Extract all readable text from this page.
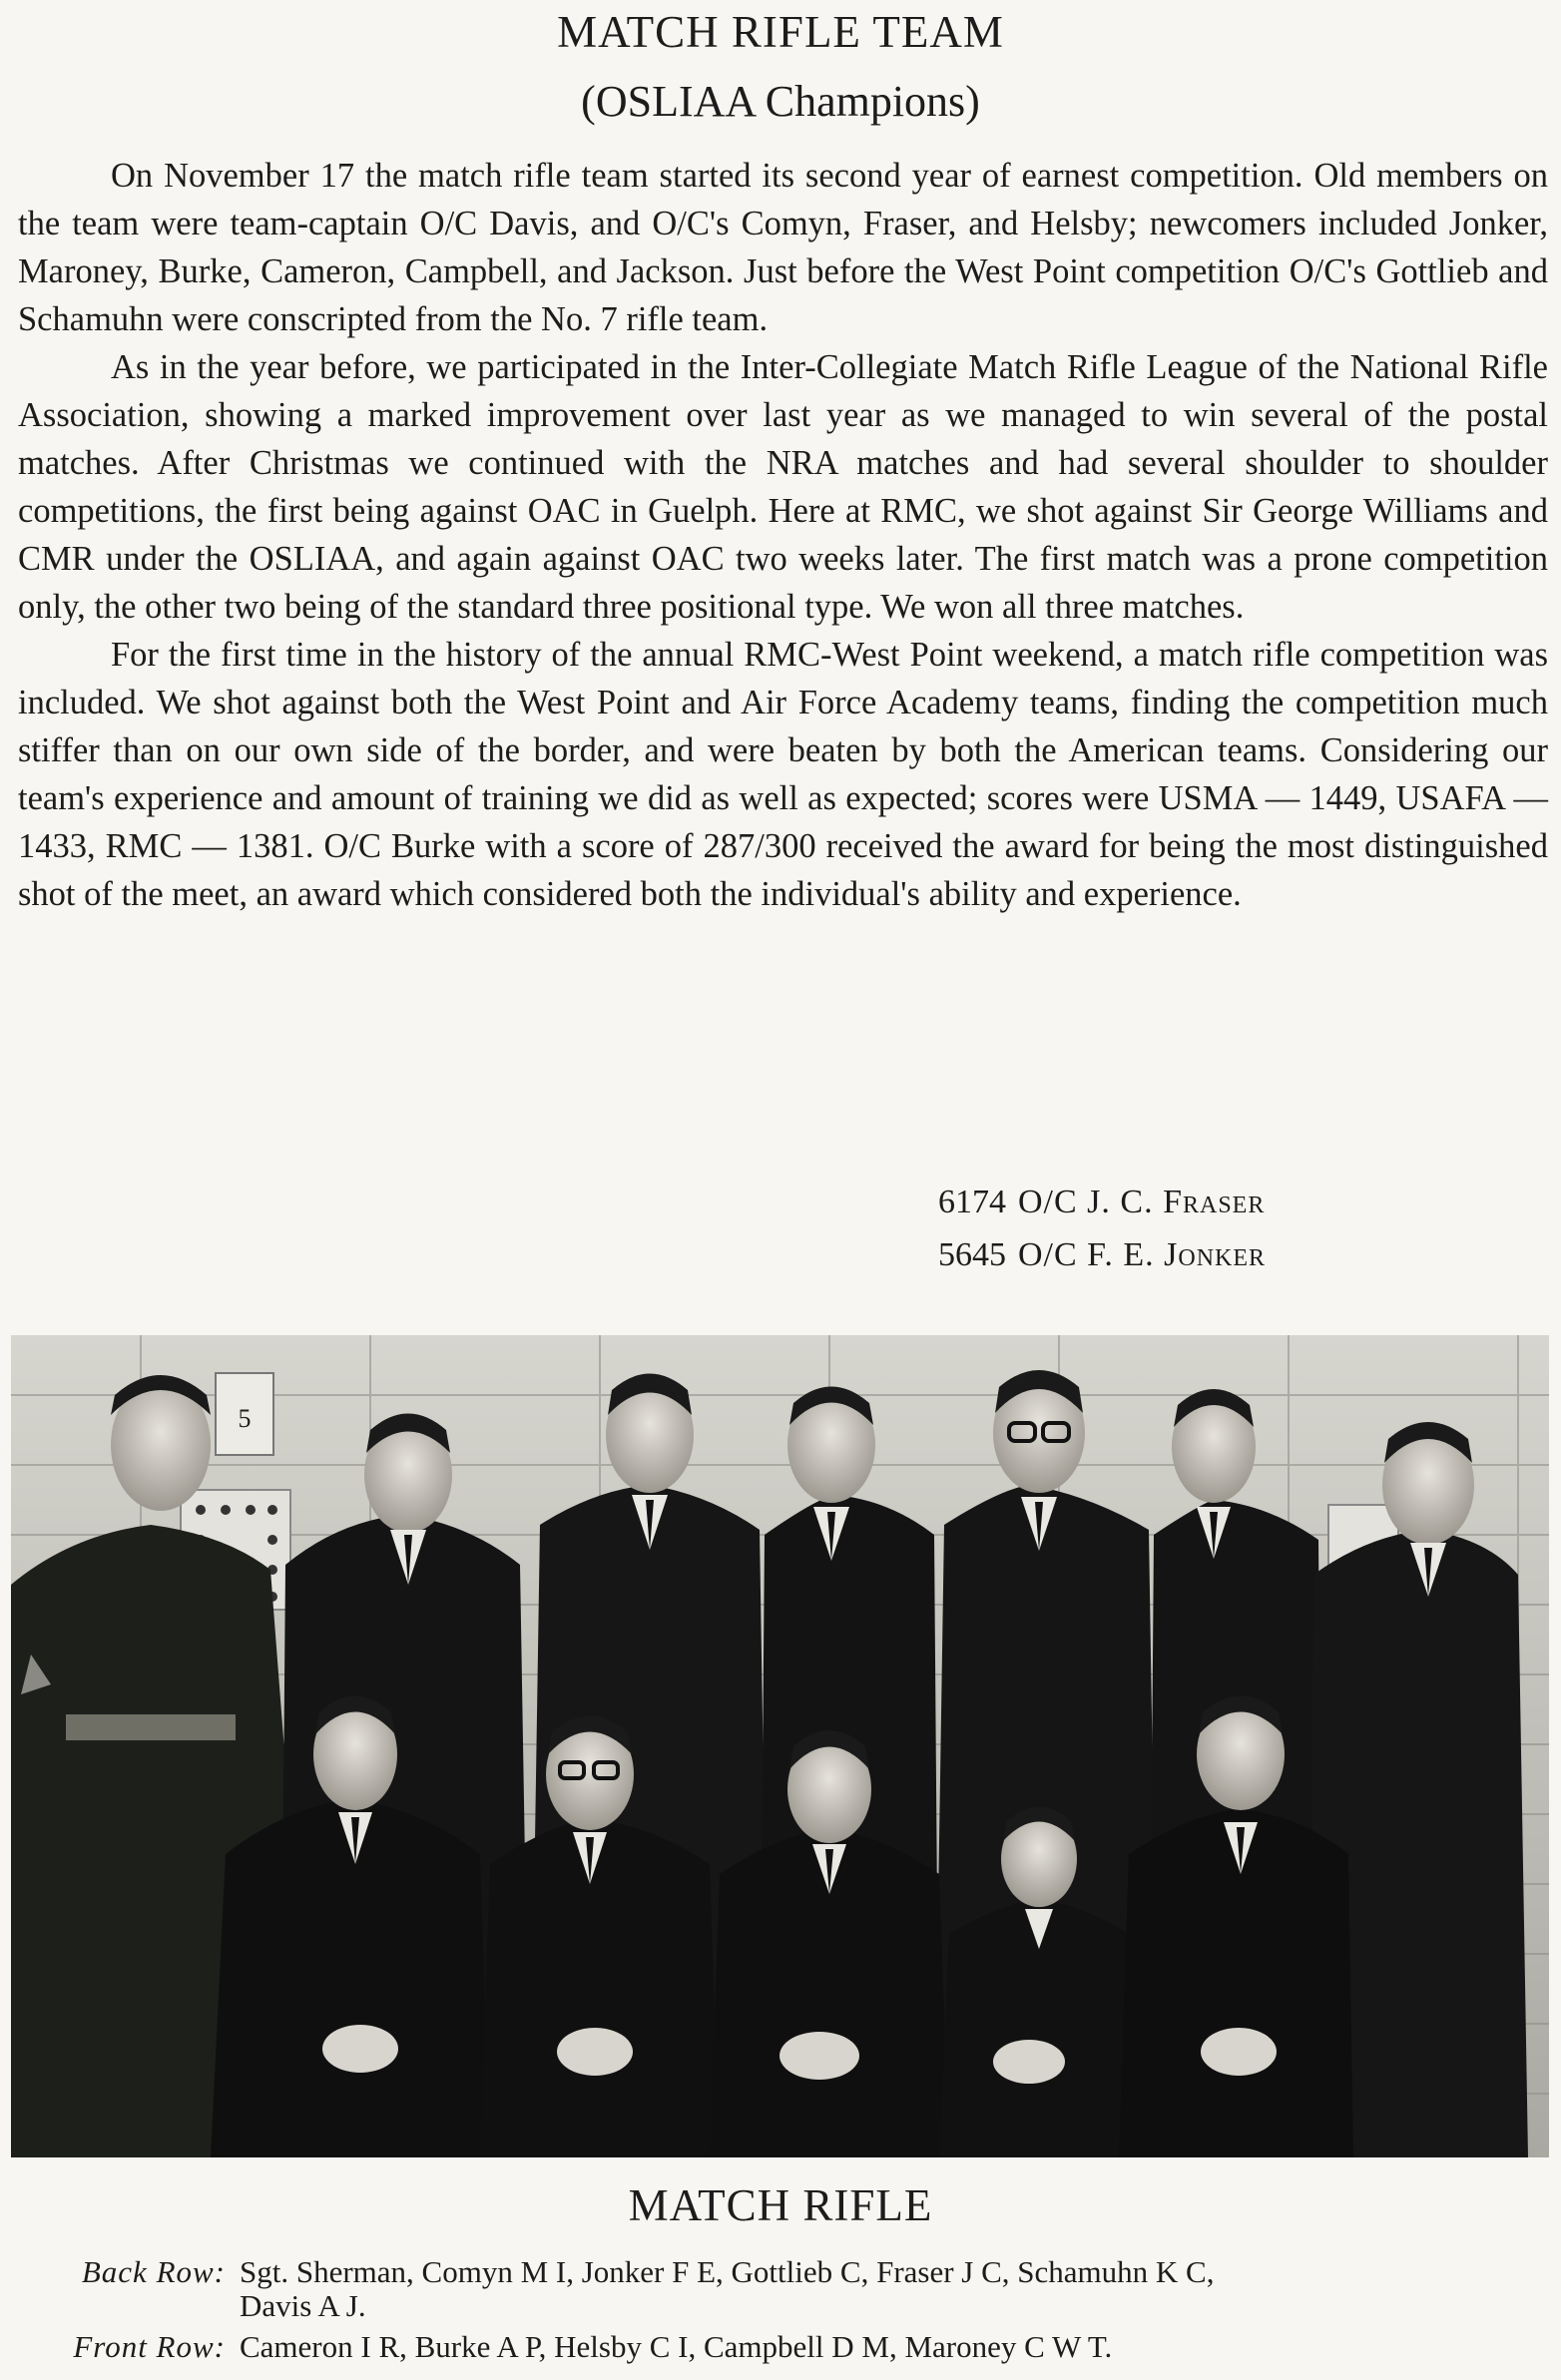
MATCH RIFLE TEAM
(OSLIAA Champions)

On November 17 the match rifle team started its second year of earnest competition. Old members on the team were team-captain O/C Davis, and O/C's Comyn, Fraser, and Helsby; newcomers included Jonker, Maroney, Burke, Cameron, Campbell, and Jackson. Just before the West Point competition O/C's Gottlieb and Schamuhn were conscripted from the No. 7 rifle team.

As in the year before, we participated in the Inter-Collegiate Match Rifle League of the National Rifle Association, showing a marked improvement over last year as we managed to win several of the postal matches. After Christmas we continued with the NRA matches and had several shoulder to shoulder competitions, the first being against OAC in Guelph. Here at RMC, we shot against Sir George Williams and CMR under the OSLIAA, and again against OAC two weeks later. The first match was a prone competition only, the other two being of the standard three positional type. We won all three matches.

For the first time in the history of the annual RMC-West Point weekend, a match rifle competition was included. We shot against both the West Point and Air Force Academy teams, finding the competition much stiffer than on our own side of the border, and were beaten by both the American teams. Considering our team's experience and amount of training we did as well as expected; scores were USMA — 1449, USAFA — 1433, RMC — 1381. O/C Burke with a score of 287/300 received the award for being the most distinguished shot of the meet, an award which considered both the individual's ability and experience.

6174 O/C J. C. Fraser
5645 O/C F. E. Jonker
5
MATCH RIFLE
Back Row: Sgt. Sherman, Comyn M I, Jonker F E, Gottlieb C, Fraser J C, Schamuhn K C,
Davis A J.
Front Row: Cameron I R, Burke A P, Helsby C I, Campbell D M, Maroney C W T.
